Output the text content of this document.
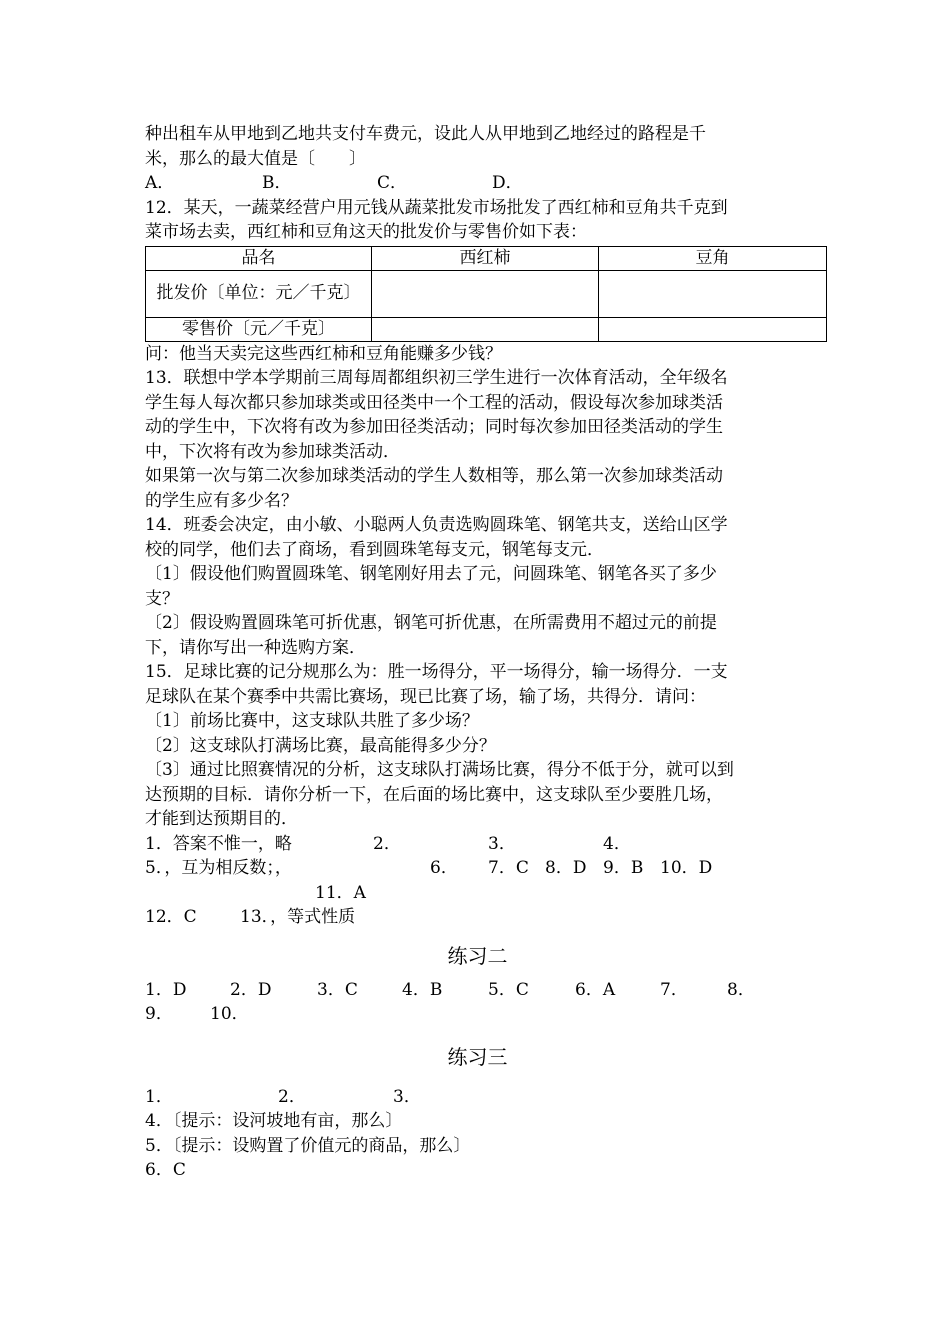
种出租车从甲地到乙地共支付车费元，设此人从甲地到乙地经过的路程是千
米，那么的最大值是〔　　〕
A．	B．	C．	D．
12．某天，一蔬菜经营户用元钱从蔬菜批发市场批发了西红柿和豆角共千克到
菜市场去卖，西红柿和豆角这天的批发价与零售价如下表：
品名	西红柿	豆角
批发价〔单位：元／千克〕		
零售价〔元／千克〕		
问：他当天卖完这些西红柿和豆角能赚多少钱？
13．联想中学本学期前三周每周都组织初三学生进行一次体育活动，全年级名
学生每人每次都只参加球类或田径类中一个工程的活动，假设每次参加球类活
动的学生中，下次将有改为参加田径类活动；同时每次参加田径类活动的学生
中，下次将有改为参加球类活动．
如果第一次与第二次参加球类活动的学生人数相等，那么第一次参加球类活动
的学生应有多少名？
14．班委会决定，由小敏、小聪两人负责选购圆珠笔、钢笔共支，送给山区学
校的同学，他们去了商场，看到圆珠笔每支元，钢笔每支元．
〔1〕假设他们购置圆珠笔、钢笔刚好用去了元，问圆珠笔、钢笔各买了多少
支？
〔2〕假设购置圆珠笔可折优惠，钢笔可折优惠，在所需费用不超过元的前提
下，请你写出一种选购方案．
15．足球比赛的记分规那么为：胜一场得分，平一场得分，输一场得分．一支
足球队在某个赛季中共需比赛场，现已比赛了场，输了场，共得分．请问：
〔1〕前场比赛中，这支球队共胜了多少场？
〔2〕这支球队打满场比赛，最高能得多少分？
〔3〕通过比照赛情况的分析，这支球队打满场比赛，得分不低于分，就可以到
达预期的目标．请你分析一下，在后面的场比赛中，这支球队至少要胜几场，
才能到达预期目的．
1．答案不惟一，略	2．	3．	4．
5．，互为相反数；，	6． 7．C 8．D 9．B 10．D
11．A
12．C	13．，等式性质
练习二
1．D	2．D	3．C	4．B	5．C	6．A	7． 8．
9． 10．
练习三
1．	2．	3．
4．〔提示：设河坡地有亩，那么〕
5．〔提示：设购置了价值元的商品，那么〕
6．C
